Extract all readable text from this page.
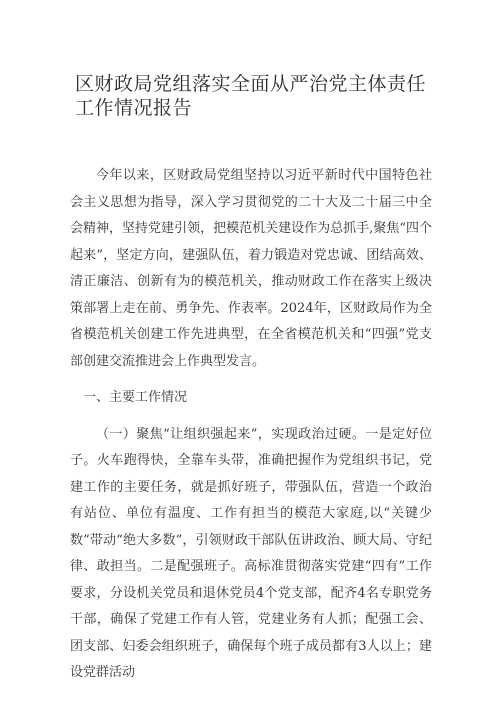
区财政局党组落实全面从严治党主体责任工作情况报告

今年以来，区财政局党组坚持以习近平新时代中国特色社会主义思想为指导，深入学习贯彻党的二十大及二十届三中全会精神，坚持党建引领，把模范机关建设作为总抓手,聚焦“四个起来”，坚定方向，建强队伍，着力锻造对党忠诚、团结高效、清正廉洁、创新有为的模范机关，推动财政工作在落实上级决策部署上走在前、勇争先、作表率。2024年，区财政局作为全省模范机关创建工作先进典型，在全省模范机关和“四强”党支部创建交流推进会上作典型发言。

一、主要工作情况

（一）聚焦“让组织强起来”，实现政治过硬。一是定好位子。火车跑得快，全靠车头带，准确把握作为党组织书记，党建工作的主要任务，就是抓好班子，带强队伍，营造一个政治有站位、单位有温度、工作有担当的模范大家庭,以“关键少数”带动“绝大多数”，引领财政干部队伍讲政治、顾大局、守纪律、敢担当。二是配强班子。高标准贯彻落实党建“四有”工作要求，分设机关党员和退休党员4个党支部，配齐4名专职党务干部，确保了党建工作有人管，党建业务有人抓；配强工会、团支部、妇委会组织班子，确保每个班子成员都有3人以上；建设党群活动
